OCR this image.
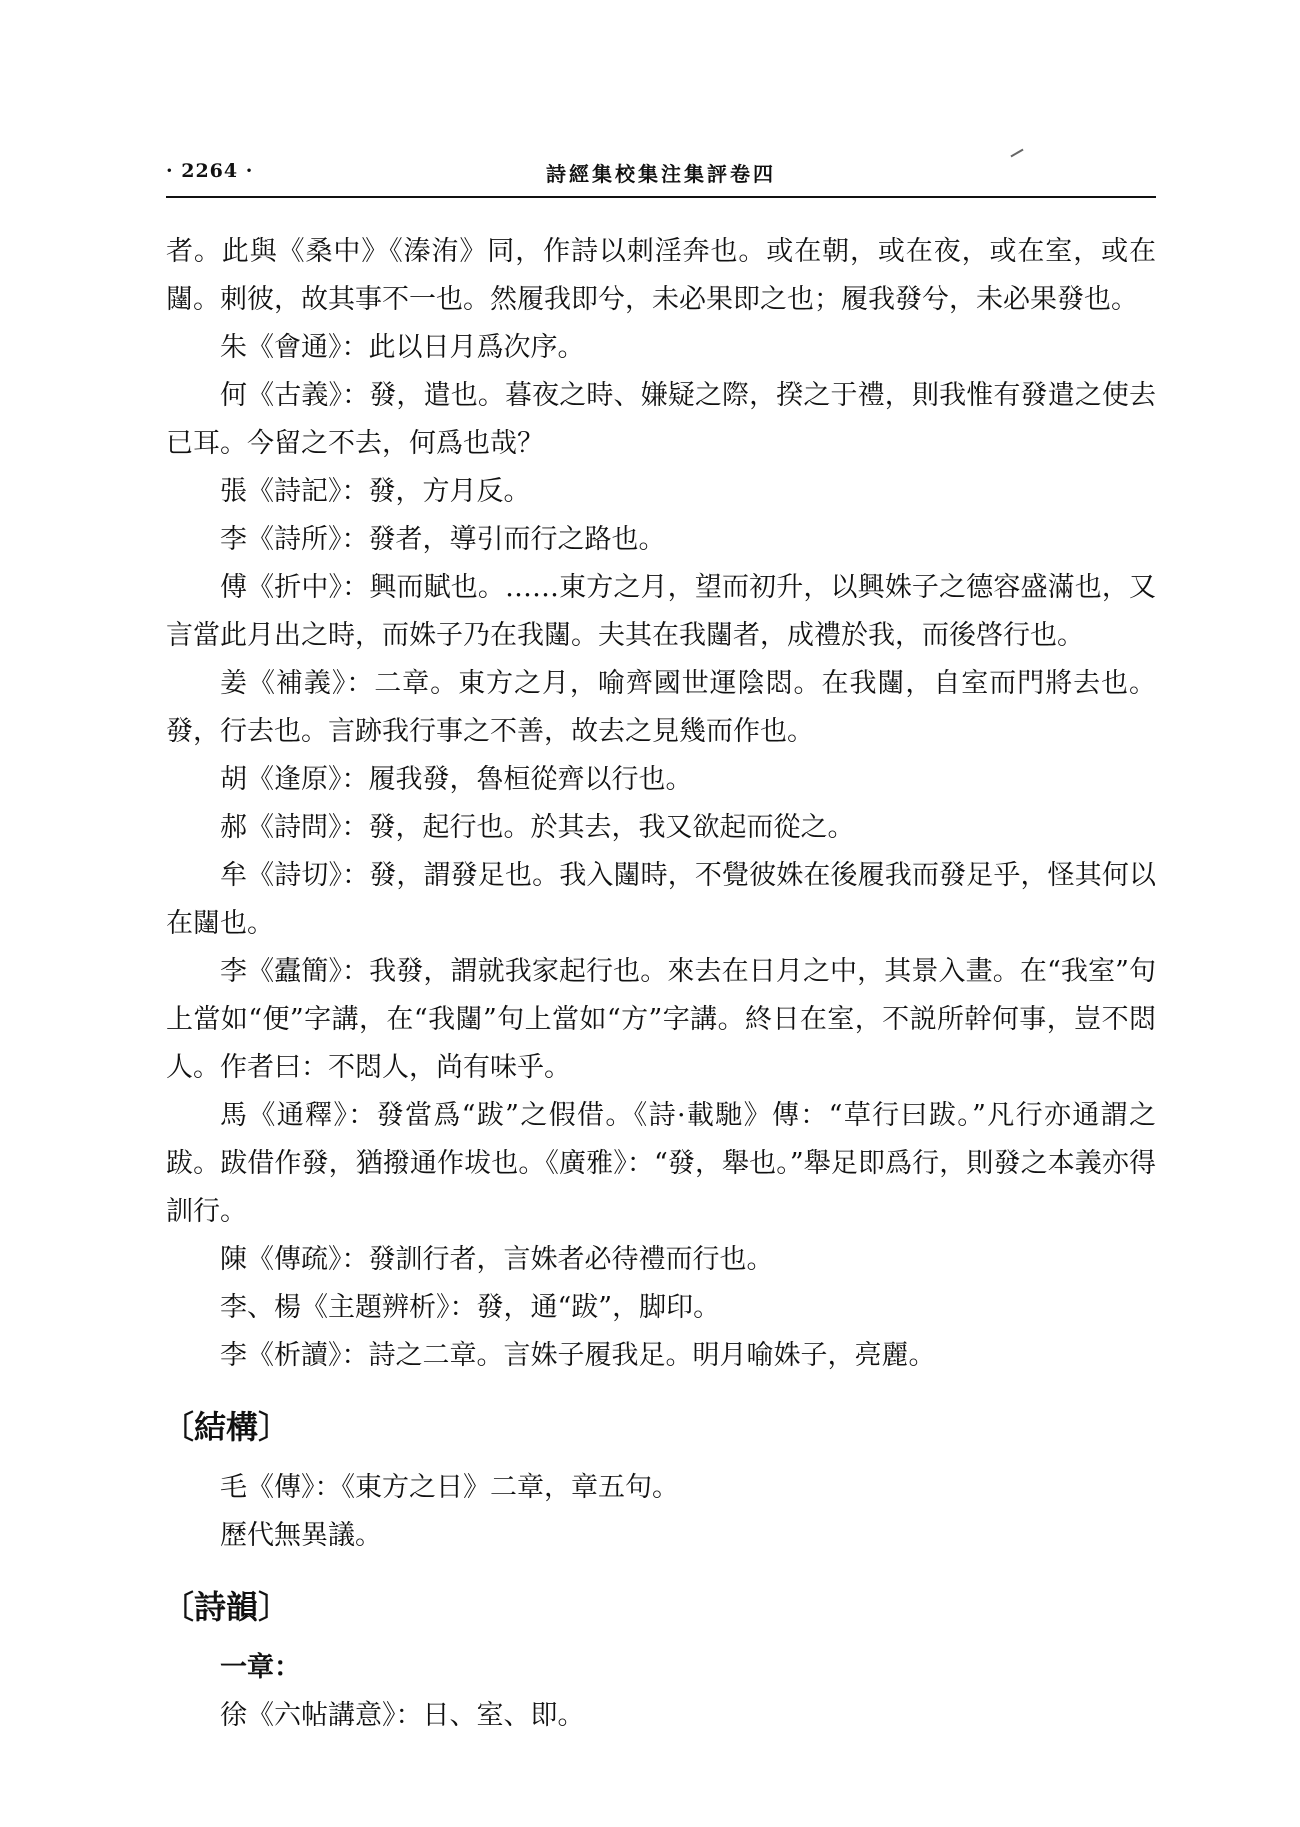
· 2264 ·	詩經集校集注集評卷四

者。此與《桑中》《溱洧》同，作詩以刺淫奔也。或在朝，或在夜，或在室，或在闥。刺彼，故其事不一也。然履我即兮，未必果即之也；履我發兮，未必果發也。

朱《會通》：此以日月爲次序。

何《古義》：發，遣也。暮夜之時、嫌疑之際，揆之于禮，則我惟有發遣之使去已耳。今留之不去，何爲也哉？

張《詩記》：發，方月反。

李《詩所》：發者，導引而行之路也。

傅《折中》：興而賦也。……東方之月，望而初升，以興姝子之德容盛滿也，又言當此月出之時，而姝子乃在我闥。夫其在我闥者，成禮於我，而後啓行也。

姜《補義》：二章。東方之月，喻齊國世運陰悶。在我闥，自室而門將去也。發，行去也。言跡我行事之不善，故去之見幾而作也。

胡《逢原》：履我發，魯桓從齊以行也。

郝《詩問》：發，起行也。於其去，我又欲起而從之。

牟《詩切》：發，謂發足也。我入闥時，不覺彼姝在後履我而發足乎，怪其何以在闥也。

李《蠹簡》：我發，謂就我家起行也。來去在日月之中，其景入畫。在“我室”句上當如“便”字講，在“我闥”句上當如“方”字講。終日在室，不説所幹何事，豈不悶人。作者曰：不悶人，尚有味乎。

馬《通釋》：發當爲“跋”之假借。《詩·載馳》傳：“草行曰跋。”凡行亦通謂之跋。跋借作發，猶撥通作坺也。《廣雅》：“發，舉也。”舉足即爲行，則發之本義亦得訓行。

陳《傳疏》：發訓行者，言姝者必待禮而行也。

李、楊《主題辨析》：發，通“跋”，脚印。

李《析讀》：詩之二章。言姝子履我足。明月喻姝子，亮麗。

〔結構〕

毛《傳》：《東方之日》二章，章五句。

歷代無異議。

〔詩韻〕

一章：

徐《六帖講意》：日、室、即。
